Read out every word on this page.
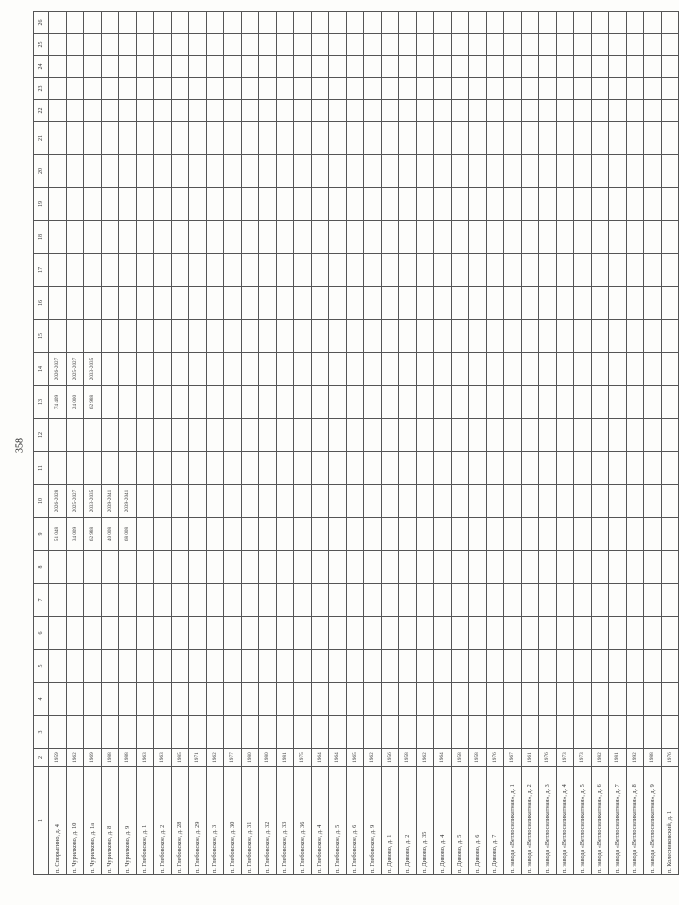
358
1	2	3	4	5	6	7	8	9	10	11	12	13	14	15	16	17	18	19	20	21	22	23	24	25	26
п. Спорыгино, д. 4	1959							51 048	2026-2028			74 409	2026-2027												
п. Чурилково, д. 10	1962							34 009	2025-2027			24 000	2025-2027												
п. Чурилково, д. 1а	1969							62 988	2033-2035			62 988	2033-2035												
п. Чурилково, д. 8	1988							40 008	2039-2041																
п. Чурилково, д. 9	1988							68 008	2039-2041																
п. Глебовское, д. 1	1963																								
п. Глебовское, д. 2	1963																								
п. Глебовское, д. 28	1985																								
п. Глебовское, д. 29	1971																								
п. Глебовское, д. 3	1962																								
п. Глебовское, д. 30	1977																								
п. Глебовское, д. 31	1980																								
п. Глебовское, д. 32	1980																								
п. Глебовское, д. 33	1981																								
п. Глебовское, д. 36	1975																								
п. Глебовское, д. 4	1964																								
п. Глебовское, д. 5	1964																								
п. Глебовское, д. 6	1965																								
п. Глебовское, д. 9	1962																								
п. Дивово, д. 1	1956																								
п. Дивово, д. 2	1958																								
п. Дивово, д. 35	1962																								
п. Дивово, д. 4	1964																								
п. Дивово, д. 5	1958																								
п. Дивово, д. 6	1958																								
п. Дивово, д. 7	1976																								
п. завода «Ветлосиликатная», д. 1	1967																								
п. завода «Ветлосиликатная», д. 2	1961																								
п. завода «Ветлосиликатная», д. 3	1976																								
п. завода «Ветлосиликатная», д. 4	1973																								
п. завода «Ветлосиликатная», д. 5	1973																								
п. завода «Ветлосиликатная», д. 6	1982																								
п. завода «Ветлосиликатная», д. 7	1981																								
п. завода «Ветлосиликатная», д. 8	1992																								
п. завода «Ветлосиликатная», д. 9	1988																								
п. Колесниковский, д. 1	1976																								
